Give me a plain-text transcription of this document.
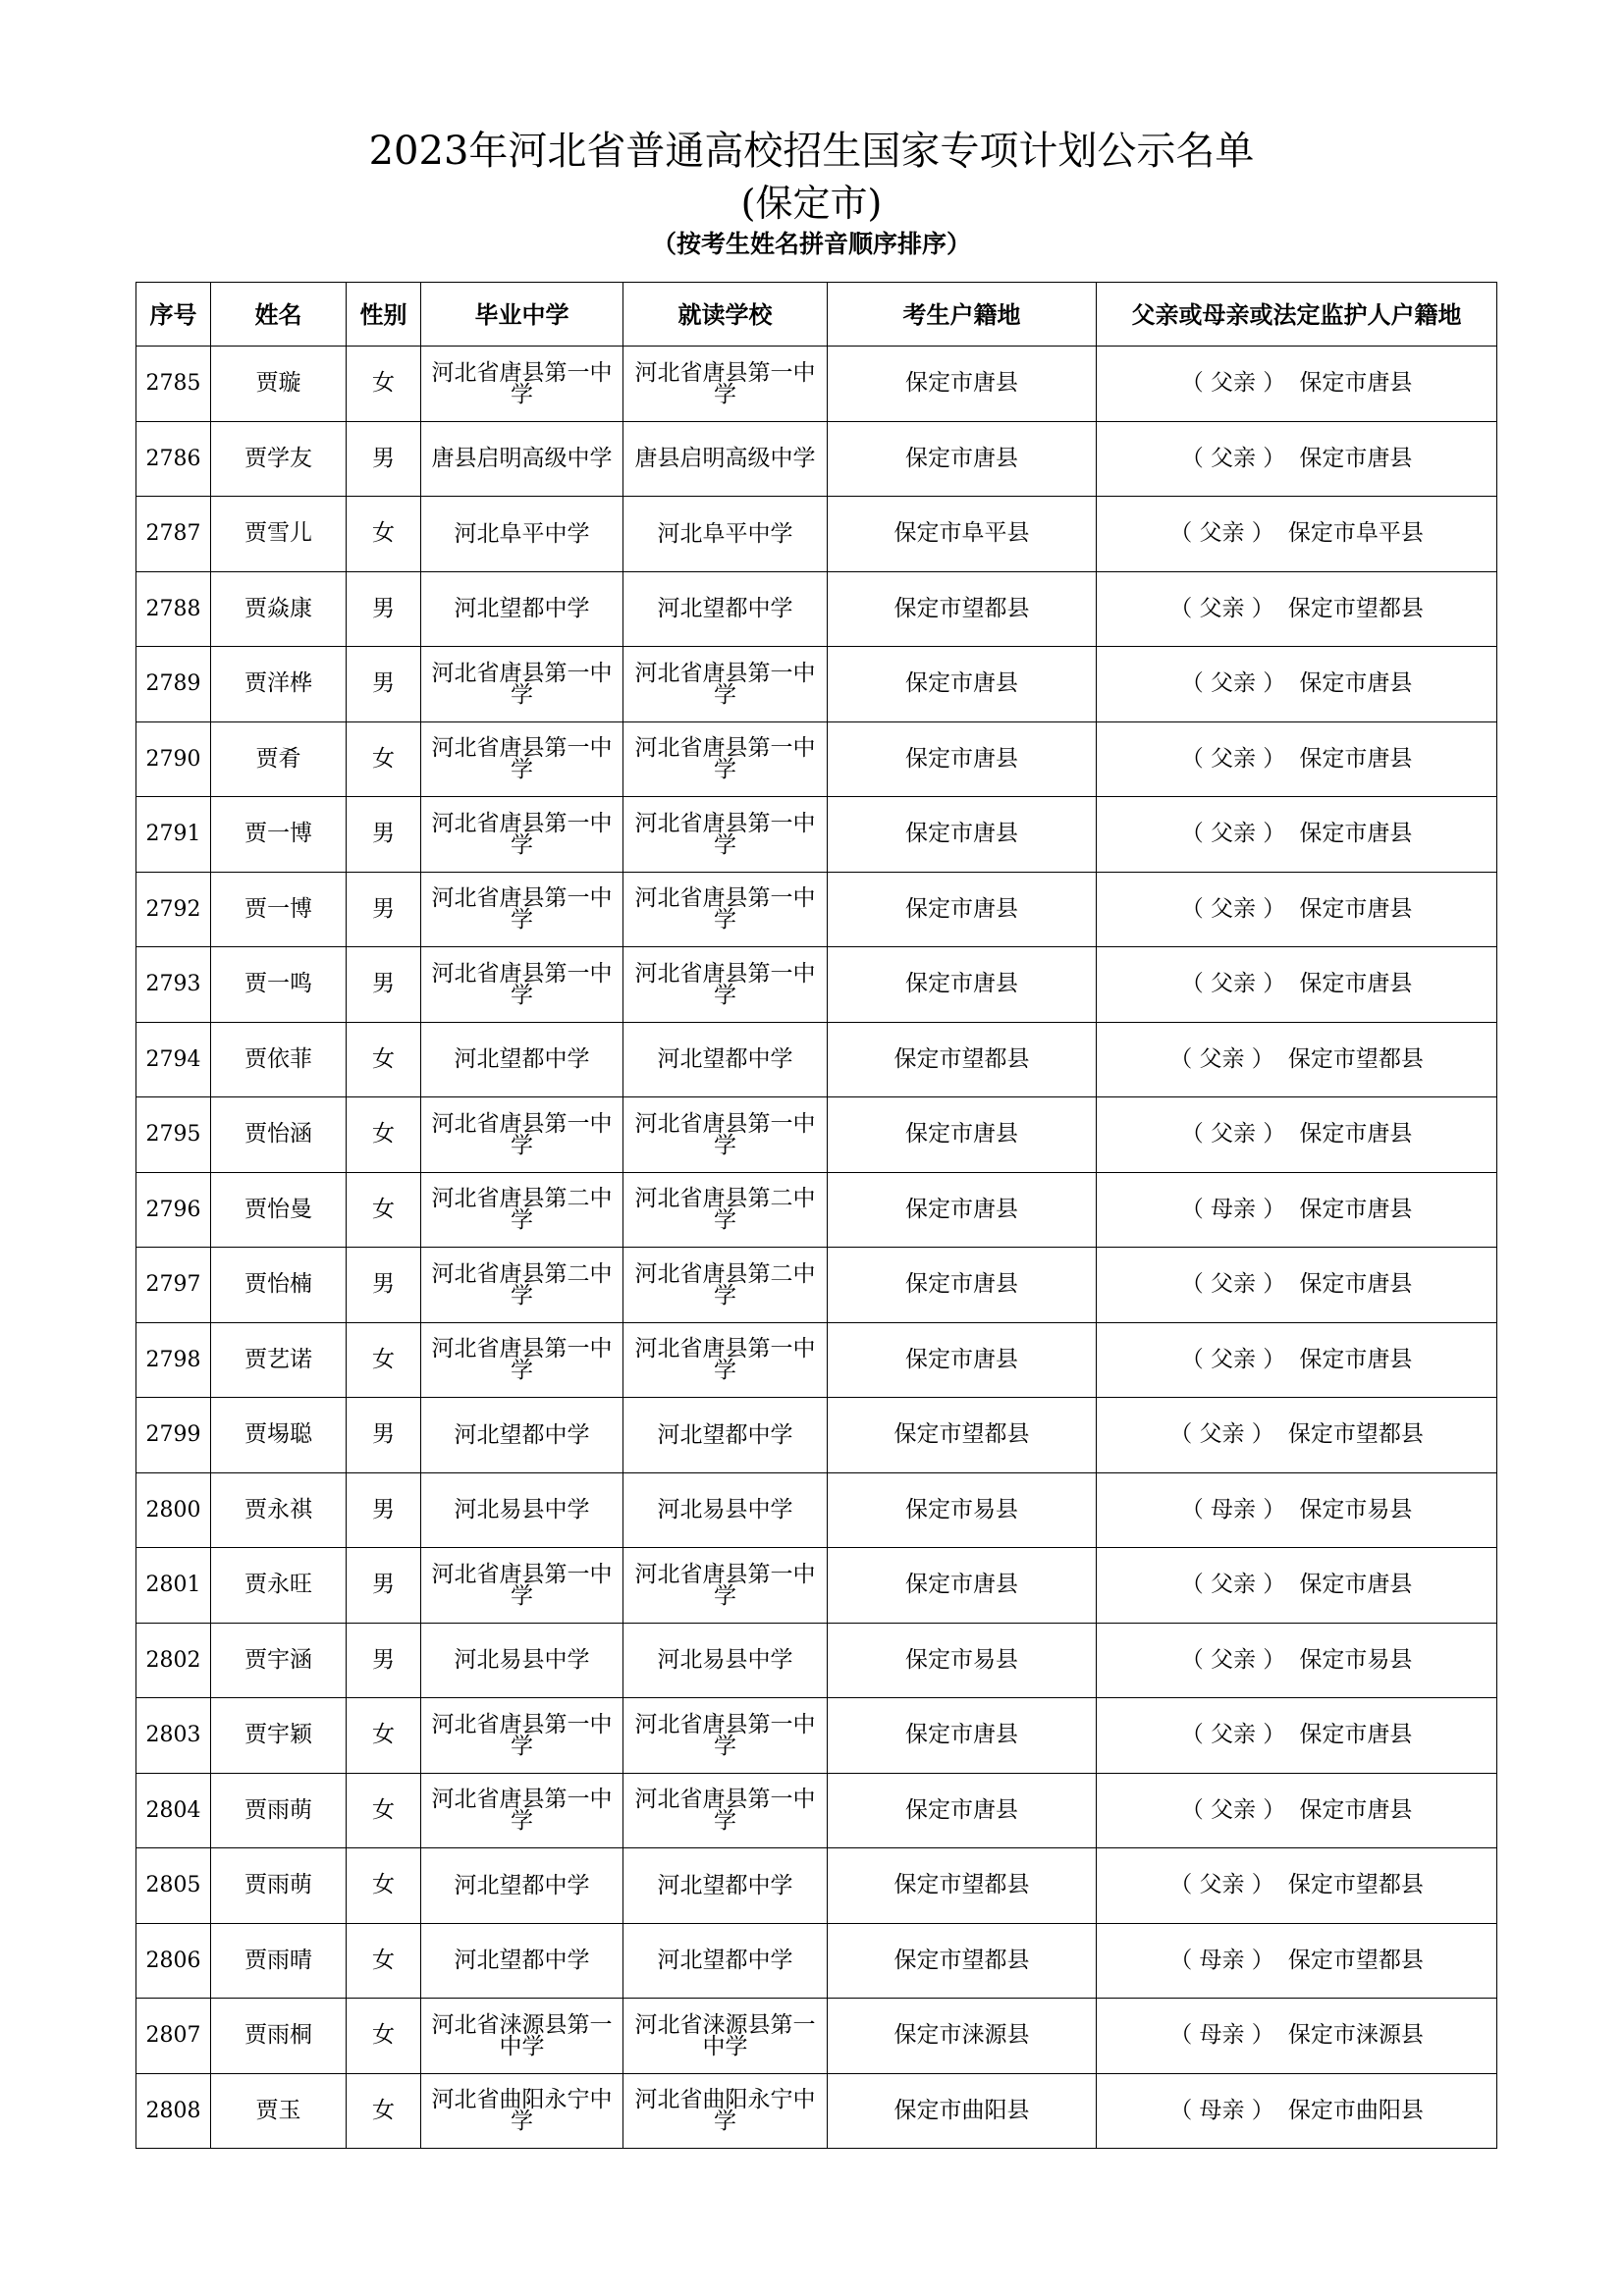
2023年河北省普通高校招生国家专项计划公示名单
(保定市)
（按考生姓名拼音顺序排序）
序号	姓名	性别	毕业中学	就读学校	考生户籍地	父亲或母亲或法定监护人户籍地
2785	贾璇	女	河北省唐县第一中学	河北省唐县第一中学	保定市唐县	（ 父亲 ） 保定市唐县
2786	贾学友	男	唐县启明高级中学	唐县启明高级中学	保定市唐县	（ 父亲 ） 保定市唐县
2787	贾雪儿	女	河北阜平中学	河北阜平中学	保定市阜平县	（ 父亲 ） 保定市阜平县
2788	贾焱康	男	河北望都中学	河北望都中学	保定市望都县	（ 父亲 ） 保定市望都县
2789	贾洋桦	男	河北省唐县第一中学	河北省唐县第一中学	保定市唐县	（ 父亲 ） 保定市唐县
2790	贾肴	女	河北省唐县第一中学	河北省唐县第一中学	保定市唐县	（ 父亲 ） 保定市唐县
2791	贾一博	男	河北省唐县第一中学	河北省唐县第一中学	保定市唐县	（ 父亲 ） 保定市唐县
2792	贾一博	男	河北省唐县第一中学	河北省唐县第一中学	保定市唐县	（ 父亲 ） 保定市唐县
2793	贾一鸣	男	河北省唐县第一中学	河北省唐县第一中学	保定市唐县	（ 父亲 ） 保定市唐县
2794	贾依菲	女	河北望都中学	河北望都中学	保定市望都县	（ 父亲 ） 保定市望都县
2795	贾怡涵	女	河北省唐县第一中学	河北省唐县第一中学	保定市唐县	（ 父亲 ） 保定市唐县
2796	贾怡曼	女	河北省唐县第二中学	河北省唐县第二中学	保定市唐县	（ 母亲 ） 保定市唐县
2797	贾怡楠	男	河北省唐县第二中学	河北省唐县第二中学	保定市唐县	（ 父亲 ） 保定市唐县
2798	贾艺诺	女	河北省唐县第一中学	河北省唐县第一中学	保定市唐县	（ 父亲 ） 保定市唐县
2799	贾埸聪	男	河北望都中学	河北望都中学	保定市望都县	（ 父亲 ） 保定市望都县
2800	贾永祺	男	河北易县中学	河北易县中学	保定市易县	（ 母亲 ） 保定市易县
2801	贾永旺	男	河北省唐县第一中学	河北省唐县第一中学	保定市唐县	（ 父亲 ） 保定市唐县
2802	贾宇涵	男	河北易县中学	河北易县中学	保定市易县	（ 父亲 ） 保定市易县
2803	贾宇颖	女	河北省唐县第一中学	河北省唐县第一中学	保定市唐县	（ 父亲 ） 保定市唐县
2804	贾雨萌	女	河北省唐县第一中学	河北省唐县第一中学	保定市唐县	（ 父亲 ） 保定市唐县
2805	贾雨萌	女	河北望都中学	河北望都中学	保定市望都县	（ 父亲 ） 保定市望都县
2806	贾雨晴	女	河北望都中学	河北望都中学	保定市望都县	（ 母亲 ） 保定市望都县
2807	贾雨桐	女	河北省涞源县第一中学	河北省涞源县第一中学	保定市涞源县	（ 母亲 ） 保定市涞源县
2808	贾玉	女	河北省曲阳永宁中学	河北省曲阳永宁中学	保定市曲阳县	（ 母亲 ） 保定市曲阳县
